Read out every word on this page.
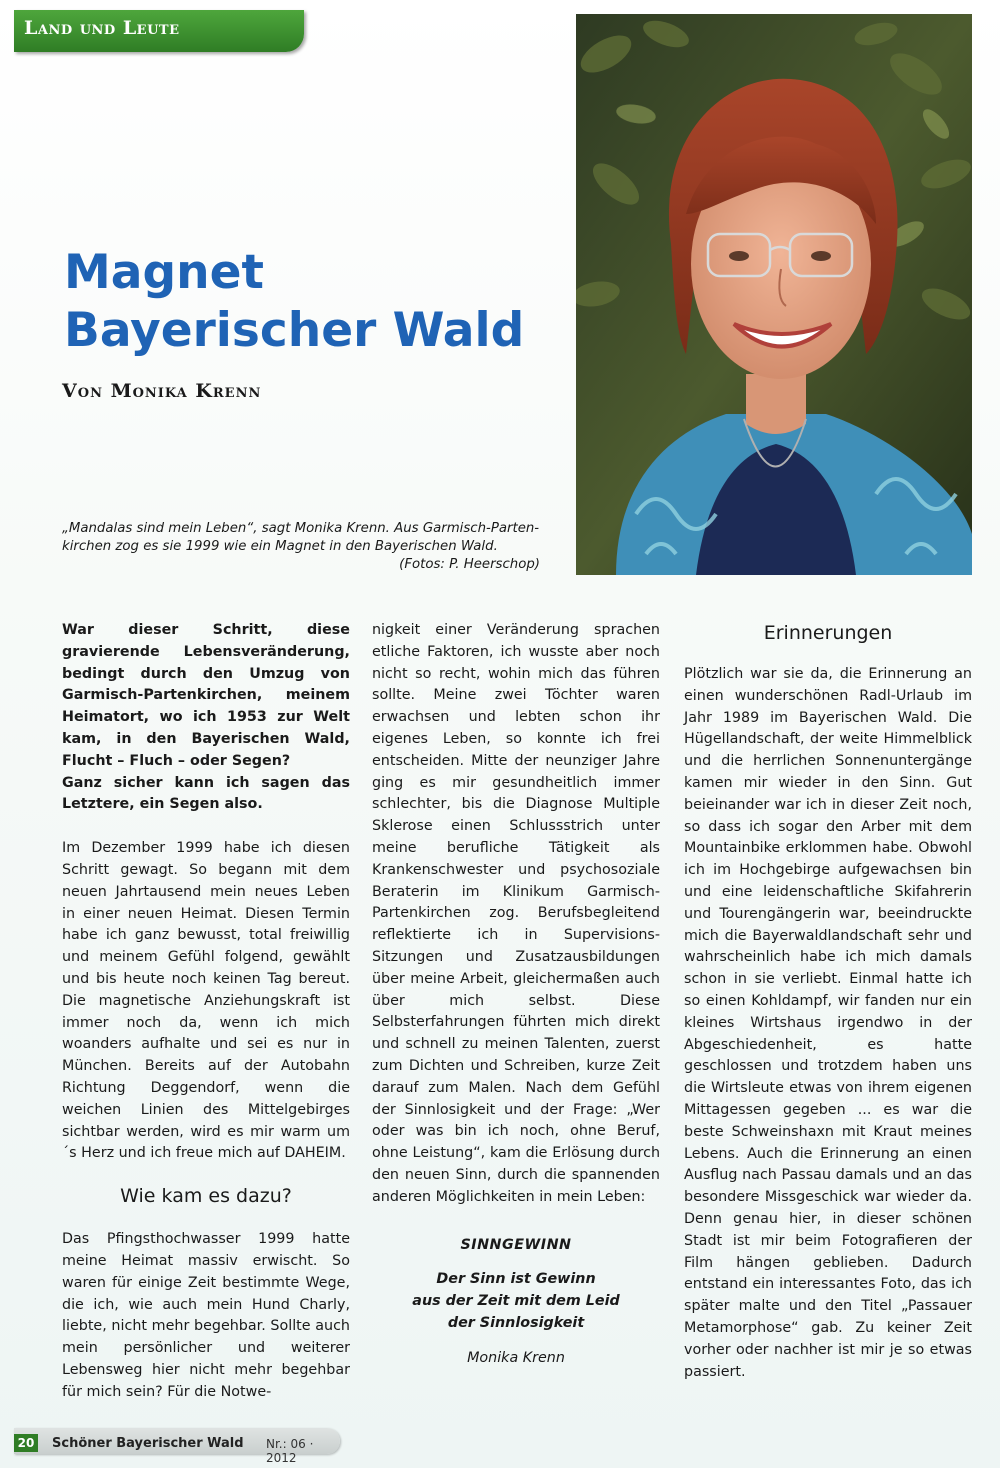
Land und Leute
Magnet
Bayerischer Wald
Von Monika Krenn
„Mandalas sind mein Leben“, sagt Monika Krenn. Aus Garmisch-Parten-
kirchen zog es sie 1999 wie ein Magnet in den Bayerischen Wald.
(Fotos: P. Heerschop)

War dieser Schritt, diese gravierende Lebensveränderung, bedingt durch den Umzug von Garmisch-Partenkirchen, meinem Heimatort, wo ich 1953 zur Welt kam, in den Bayerischen Wald, Flucht – Fluch – oder Segen?

Ganz sicher kann ich sagen das Letztere, ein Segen also.

Im Dezember 1999 habe ich diesen Schritt gewagt. So begann mit dem neuen Jahrtausend mein neues Leben in einer neuen Heimat. Diesen Termin habe ich ganz bewusst, total freiwillig und meinem Gefühl folgend, gewählt und bis heute noch keinen Tag bereut. Die magnetische Anziehungskraft ist immer noch da, wenn ich mich woanders aufhalte und sei es nur in München. Bereits auf der Autobahn Richtung Deggendorf, wenn die weichen Linien des Mittelgebirges sichtbar werden, wird es mir warm um´s Herz und ich freue mich auf DAHEIM.

Wie kam es dazu?

Das Pfingsthochwasser 1999 hatte meine Heimat massiv erwischt. So waren für einige Zeit bestimmte Wege, die ich, wie auch mein Hund Charly, liebte, nicht mehr begehbar. Sollte auch mein persönlicher und weiterer Lebensweg hier nicht mehr begehbar für mich sein? Für die Notwe-

nigkeit einer Veränderung sprachen etliche Faktoren, ich wusste aber noch nicht so recht, wohin mich das führen sollte. Meine zwei Töchter waren erwachsen und lebten schon ihr eigenes Leben, so konnte ich frei entscheiden. Mitte der neunziger Jahre ging es mir gesundheitlich immer schlechter, bis die Diagnose Multiple Sklerose einen Schlussstrich unter meine berufliche Tätigkeit als Krankenschwester und psychosoziale Beraterin im Klinikum Garmisch-Partenkirchen zog. Berufsbegleitend reflektierte ich in Supervisions-Sitzungen und Zusatzausbildungen über meine Arbeit, gleichermaßen auch über mich selbst. Diese Selbsterfahrungen führten mich direkt und schnell zu meinen Talenten, zuerst zum Dichten und Schreiben, kurze Zeit darauf zum Malen. Nach dem Gefühl der Sinnlosigkeit und der Frage: „Wer oder was bin ich noch, ohne Beruf, ohne Leistung“, kam die Erlösung durch den neuen Sinn, durch die spannenden anderen Möglichkeiten in mein Leben:

SINNGEWINN
Der Sinn ist Gewinn
aus der Zeit mit dem Leid
der Sinnlosigkeit
Monika Krenn
Erinnerungen

Plötzlich war sie da, die Erinnerung an einen wunderschönen Radl-Urlaub im Jahr 1989 im Bayerischen Wald. Die Hügellandschaft, der weite Himmelblick und die herrlichen Sonnenuntergänge kamen mir wieder in den Sinn. Gut beieinander war ich in dieser Zeit noch, so dass ich sogar den Arber mit dem Mountainbike erklommen habe. Obwohl ich im Hochgebirge aufgewachsen bin und eine leidenschaftliche Skifahrerin und Tourengängerin war, beeindruckte mich die Bayerwaldlandschaft sehr und wahrscheinlich habe ich mich damals schon in sie verliebt. Einmal hatte ich so einen Kohldampf, wir fanden nur ein kleines Wirtshaus irgendwo in der Abgeschiedenheit, es hatte geschlossen und trotzdem haben uns die Wirtsleute etwas von ihrem eigenen Mittagessen gegeben ... es war die beste Schweinshaxn mit Kraut meines Lebens. Auch die Erinnerung an einen Ausflug nach Passau damals und an das besondere Missgeschick war wieder da. Denn genau hier, in dieser schönen Stadt ist mir beim Fotografieren der Film hängen geblieben. Dadurch entstand ein interessantes Foto, das ich später malte und den Titel „Passauer Metamorphose“ gab. Zu keiner Zeit vorher oder nachher ist mir je so etwas passiert.

20 Schöner Bayerischer Wald Nr.: 06 · 2012
